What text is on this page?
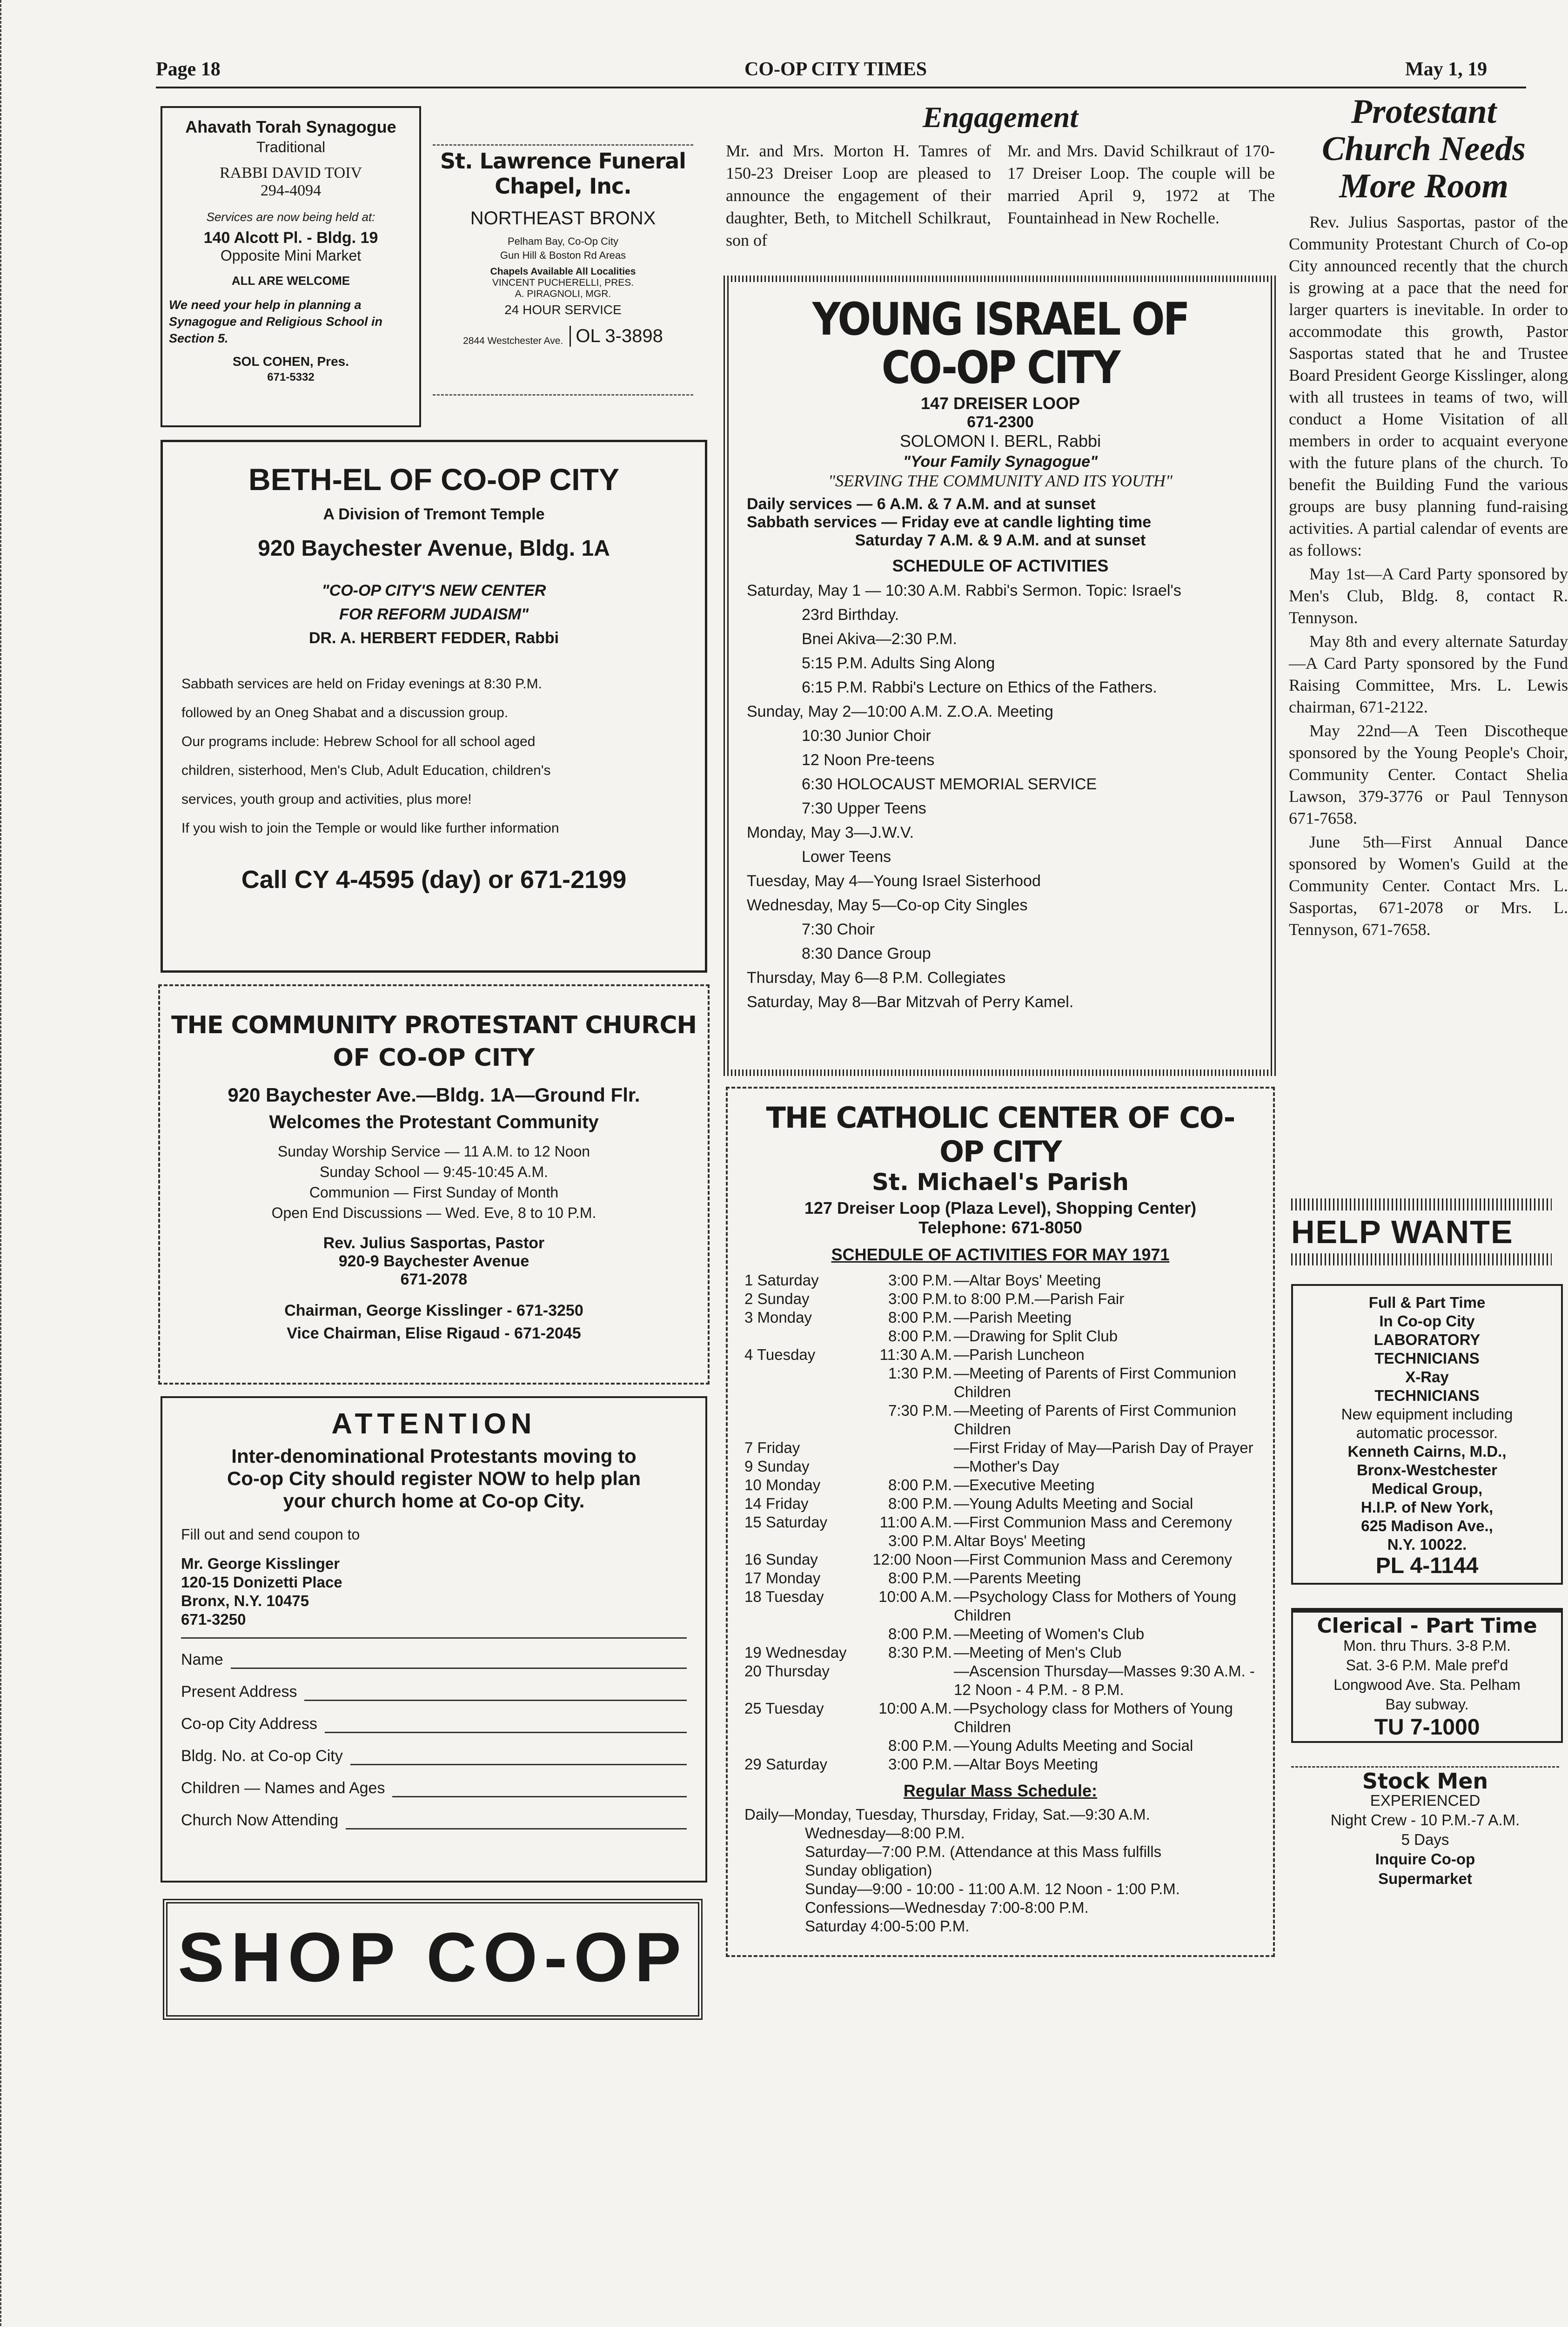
Page 18	CO-OP CITY TIMES	May 1, 19
Ahavath Torah Synagogue
Traditional
RABBI DAVID TOIV
294-4094
Services are now being held at:
140 Alcott Pl. - Bldg. 19
Opposite Mini Market
ALL ARE WELCOME
We need your help in planning a Synagogue and Religious School in Section 5.
SOL COHEN, Pres.
671-5332
St. Lawrence Funeral Chapel, Inc.
NORTHEAST BRONX
Pelham Bay, Co-Op City
Gun Hill & Boston Rd Areas
Chapels Available All Localities
VINCENT PUCHERELLI, PRES.
A. PIRAGNOLI, MGR.
24 HOUR SERVICE
2844 Westchester Ave. OL 3-3898
BETH-EL OF CO-OP CITY
A Division of Tremont Temple
920 Baychester Avenue, Bldg. 1A
"CO-OP CITY'S NEW CENTER
FOR REFORM JUDAISM"
DR. A. HERBERT FEDDER, Rabbi
Sabbath services are held on Friday evenings at 8:30 P.M.
followed by an Oneg Shabat and a discussion group.
Our programs include: Hebrew School for all school aged
children, sisterhood, Men's Club, Adult Education, children's
services, youth group and activities, plus more!
If you wish to join the Temple or would like further information
Call CY 4-4595 (day) or 671-2199
THE COMMUNITY PROTESTANT CHURCH
OF CO-OP CITY
920 Baychester Ave.—Bldg. 1A—Ground Flr.
Welcomes the Protestant Community
Sunday Worship Service — 11 A.M. to 12 Noon
Sunday School — 9:45-10:45 A.M.
Communion — First Sunday of Month
Open End Discussions — Wed. Eve, 8 to 10 P.M.
Rev. Julius Sasportas, Pastor
920-9 Baychester Avenue
671-2078
Chairman, George Kisslinger - 671-3250
Vice Chairman, Elise Rigaud - 671-2045
ATTENTION
Inter-denominational Protestants moving to
Co-op City should register NOW to help plan
your church home at Co-op City.
Fill out and send coupon to
Mr. George Kisslinger
120-15 Donizetti Place
Bronx, N.Y. 10475
671-3250
Name
Present Address
Co-op City Address
Bldg. No. at Co-op City
Children — Names and Ages
Church Now Attending
SHOP CO-OP
Engagement
Mr. and Mrs. Morton H. Tamres of 150-23 Dreiser Loop are pleased to announce the engagement of their daughter, Beth, to Mitchell Schilkraut, son of
Mr. and Mrs. David Schilkraut of 170-17 Dreiser Loop. The couple will be married April 9, 1972 at The Fountainhead in New Rochelle.
YOUNG ISRAEL OF CO-OP CITY
147 DREISER LOOP
671-2300
SOLOMON I. BERL, Rabbi
"Your Family Synagogue"
"SERVING THE COMMUNITY AND ITS YOUTH"
Daily services — 6 A.M. & 7 A.M. and at sunset
Sabbath services — Friday eve at candle lighting time
Saturday 7 A.M. & 9 A.M. and at sunset
SCHEDULE OF ACTIVITIES
Saturday, May 1 — 10:30 A.M. Rabbi's Sermon. Topic: Israel's
23rd Birthday.
Bnei Akiva—2:30 P.M.
5:15 P.M. Adults Sing Along
6:15 P.M. Rabbi's Lecture on Ethics of the Fathers.
Sunday, May 2—10:00 A.M. Z.O.A. Meeting
10:30 Junior Choir
12 Noon Pre-teens
6:30 HOLOCAUST MEMORIAL SERVICE
7:30 Upper Teens
Monday, May 3—J.W.V.
Lower Teens
Tuesday, May 4—Young Israel Sisterhood
Wednesday, May 5—Co-op City Singles
7:30 Choir
8:30 Dance Group
Thursday, May 6—8 P.M. Collegiates
Saturday, May 8—Bar Mitzvah of Perry Kamel.
THE CATHOLIC CENTER OF CO-OP CITY
St. Michael's Parish
127 Dreiser Loop (Plaza Level), Shopping Center)
Telephone: 671-8050
SCHEDULE OF ACTIVITIES FOR MAY 1971
1 Saturday	3:00 P.M. —Altar Boys' Meeting
2 Sunday	3:00 P.M. to 8:00 P.M.—Parish Fair
3 Monday	8:00 P.M. —Parish Meeting
8:00 P.M. —Drawing for Split Club
4 Tuesday	11:30 A.M. —Parish Luncheon
1:30 P.M. —Meeting of Parents of First Communion Children
7:30 P.M. —Meeting of Parents of First Communion Children
7 Friday	—First Friday of May—Parish Day of Prayer
9 Sunday	—Mother's Day
10 Monday	8:00 P.M. —Executive Meeting
14 Friday	8:00 P.M. —Young Adults Meeting and Social
15 Saturday	11:00 A.M. —First Communion Mass and Ceremony
3:00 P.M. Altar Boys' Meeting
16 Sunday	12:00 Noon —First Communion Mass and Ceremony
17 Monday	8:00 P.M. —Parents Meeting
18 Tuesday	10:00 A.M. —Psychology Class for Mothers of Young Children
8:00 P.M. —Meeting of Women's Club
19 Wednesday	8:30 P.M. —Meeting of Men's Club
20 Thursday	—Ascension Thursday—Masses 9:30 A.M. - 12 Noon - 4 P.M. - 8 P.M.
25 Tuesday	10:00 A.M. —Psychology class for Mothers of Young Children
8:00 P.M. —Young Adults Meeting and Social
29 Saturday	3:00 P.M. —Altar Boys Meeting
Regular Mass Schedule:
Daily—Monday, Tuesday, Thursday, Friday, Sat.—9:30 A.M.
Wednesday—8:00 P.M.
Saturday—7:00 P.M. (Attendance at this Mass fulfills
Sunday obligation)
Sunday—9:00 - 10:00 - 11:00 A.M. 12 Noon - 1:00 P.M.
Confessions—Wednesday 7:00-8:00 P.M.
Saturday 4:00-5:00 P.M.
Protestant
Church Needs
More Room

Rev. Julius Sasportas, pastor of the Community Protestant Church of Co-op City announced recently that the church is growing at a pace that the need for larger quarters is inevitable. In order to accommodate this growth, Pastor Sasportas stated that he and Trustee Board President George Kisslinger, along with all trustees in teams of two, will conduct a Home Visitation of all members in order to acquaint everyone with the future plans of the church. To benefit the Building Fund the various groups are busy planning fund-raising activities. A partial calendar of events are as follows:

May 1st—A Card Party sponsored by Men's Club, Bldg. 8, contact R. Tennyson.

May 8th and every alternate Saturday—A Card Party sponsored by the Fund Raising Committee, Mrs. L. Lewis chairman, 671-2122.

May 22nd—A Teen Discotheque sponsored by the Young People's Choir, Community Center. Contact Shelia Lawson, 379-3776 or Paul Tennyson 671-7658.

June 5th—First Annual Dance sponsored by Women's Guild at the Community Center. Contact Mrs. L. Sasportas, 671-2078 or Mrs. L. Tennyson, 671-7658.

HELP WANTE
Full & Part Time
In Co-op City
LABORATORY
TECHNICIANS
X-Ray
TECHNICIANS
New equipment including
automatic processor.
Kenneth Cairns, M.D.,
Bronx-Westchester
Medical Group,
H.I.P. of New York,
625 Madison Ave.,
N.Y. 10022.
PL 4-1144
Clerical - Part Time
Mon. thru Thurs. 3-8 P.M.
Sat. 3-6 P.M. Male pref'd
Longwood Ave. Sta. Pelham
Bay subway.
TU 7-1000
Stock Men
EXPERIENCED
Night Crew - 10 P.M.-7 A.M.
5 Days
Inquire Co-op
Supermarket
